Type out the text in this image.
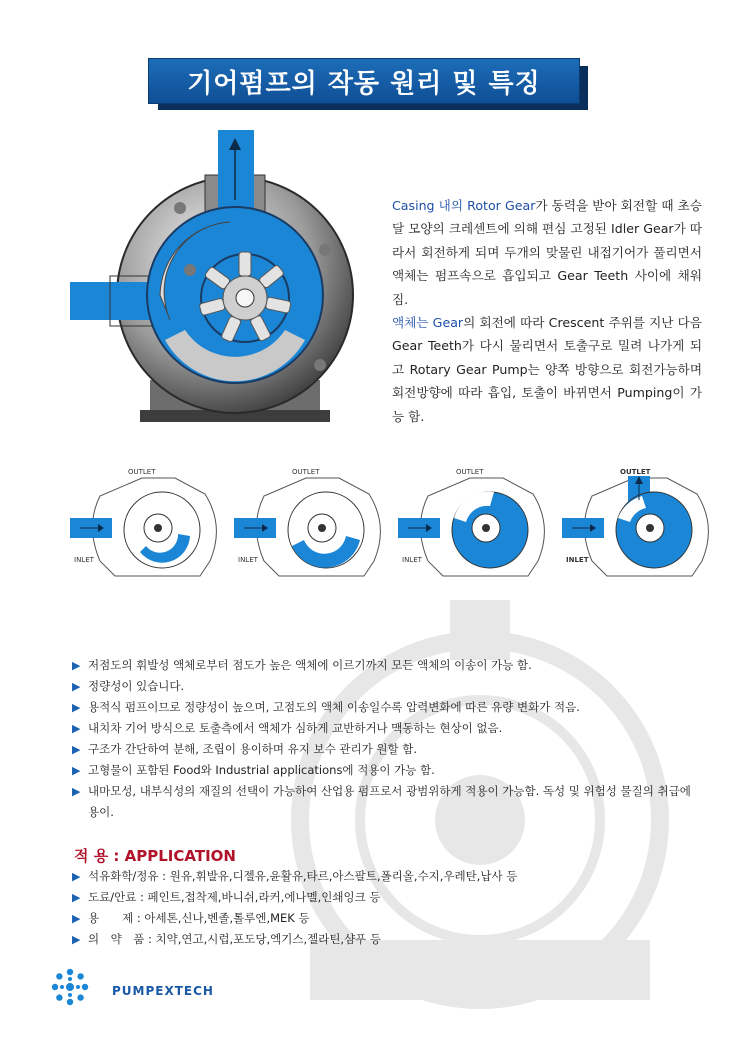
기어펌프의 작동 원리 및 특징

Casing 내의 Rotor Gear가 동력을 받아 회전할 때 초승달 모양의 크레센트에 의해 편심 고정된 Idler Gear가 따라서 회전하게 되며 두개의 맞물린 내접기어가 풀리면서 액체는 펌프속으로 흡입되고 Gear Teeth 사이에 채워짐.

액체는 Gear의 회전에 따라 Crescent 주위를 지난 다음 Gear Teeth가 다시 물리면서 토출구로 밀려 나가게 되고 Rotary Gear Pump는 양쪽 방향으로 회전가능하며 회전방향에 따라 흡입, 토출이 바뀌면서 Pumping이 가능 함.

OUTLET
INLET
OUTLET
INLET
OUTLET
INLET
OUTLET
INLET
▶ 저점도의 휘발성 액체로부터 점도가 높은 액체에 이르기까지 모든 액체의 이송이 가능 함.
▶ 정량성이 있습니다.
▶ 용적식 펌프이므로 정량성이 높으며, 고점도의 액체 이송일수록 압력변화에 따른 유량 변화가 적음.
▶ 내치차 기어 방식으로 토출측에서 액체가 심하게 교반하거나 맥동하는 현상이 없음.
▶ 구조가 간단하여 분해, 조립이 용이하며 유지 보수 관리가 원할 함.
▶ 고형물이 포함된 Food와 Industrial applications에 적용이 가능 함.
▶ 내마모성, 내부식성의 재질의 선택이 가능하여 산업용 펌프로서 광범위하게 적용이 가능함. 독성 및 위험성 물질의 취급에 용이.
적 용 : APPLICATION
▶ 석유화학/정유 : 원유,휘발유,디젤유,윤활유,타르,아스팔트,폴리올,수지,우레탄,납사 등
▶ 도료/안료 : 페인트,접착제,바니쉬,라커,에나멜,인쇄잉크 등
▶ 용　　제 : 아세톤,신나,벤졸,톨루엔,MEK 등
▶ 의　약　품 : 치약,연고,시럽,포도당,엑기스,젤라틴,샴푸 등
PUMPEXTECH
